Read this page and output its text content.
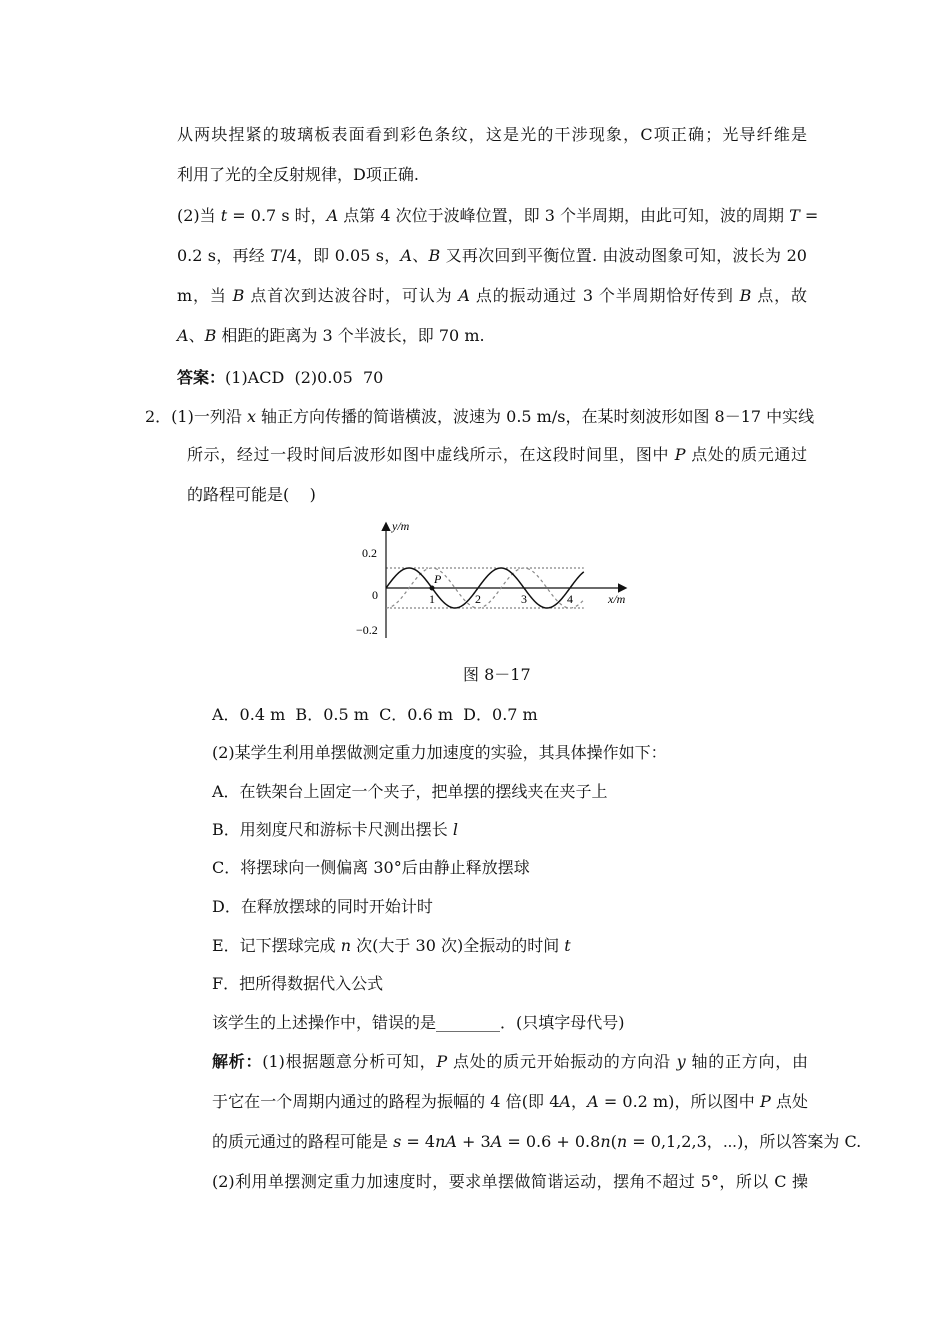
从两块捏紧的玻璃板表面看到彩色条纹，这是光的干涉现象，C项正确；光导纤维是
利用了光的全反射规律，D项正确.
(2)当 t = 0.7 s 时，A 点第 4 次位于波峰位置，即 3 个半周期，由此可知，波的周期 T =
0.2 s，再经 T/4，即 0.05 s，A、B 又再次回到平衡位置. 由波动图象可知，波长为 20
m，当 B 点首次到达波谷时，可认为 A 点的振动通过 3 个半周期恰好传到 B 点，故
A、B 相距的距离为 3 个半波长，即 70 m.
答案：(1)ACD  (2)0.05  70
2．(1)一列沿 x 轴正方向传播的简谐横波，波速为 0.5 m/s，在某时刻波形如图 8－17 中实线
所示，经过一段时间后波形如图中虚线所示，在这段时间里，图中 P 点处的质元通过
的路程可能是(    )
y/m
x/m
0
0.2
−0.2
1	2	3	4
P
图 8－17
A．0.4 m  B．0.5 m  C．0.6 m  D．0.7 m
(2)某学生利用单摆做测定重力加速度的实验，其具体操作如下：
A．在铁架台上固定一个夹子，把单摆的摆线夹在夹子上
B．用刻度尺和游标卡尺测出摆长 l
C．将摆球向一侧偏离 30°后由静止释放摆球
D．在释放摆球的同时开始计时
E．记下摆球完成 n 次(大于 30 次)全振动的时间 t
F．把所得数据代入公式
该学生的上述操作中，错误的是________．(只填字母代号)
解析：(1)根据题意分析可知，P 点处的质元开始振动的方向沿 y 轴的正方向，由
于它在一个周期内通过的路程为振幅的 4 倍(即 4A，A = 0.2 m)，所以图中 P 点处
的质元通过的路程可能是 s = 4nA + 3A = 0.6 + 0.8n(n = 0,1,2,3，⋯)，所以答案为 C.
(2)利用单摆测定重力加速度时，要求单摆做简谐运动，摆角不超过 5°，所以 C 操
